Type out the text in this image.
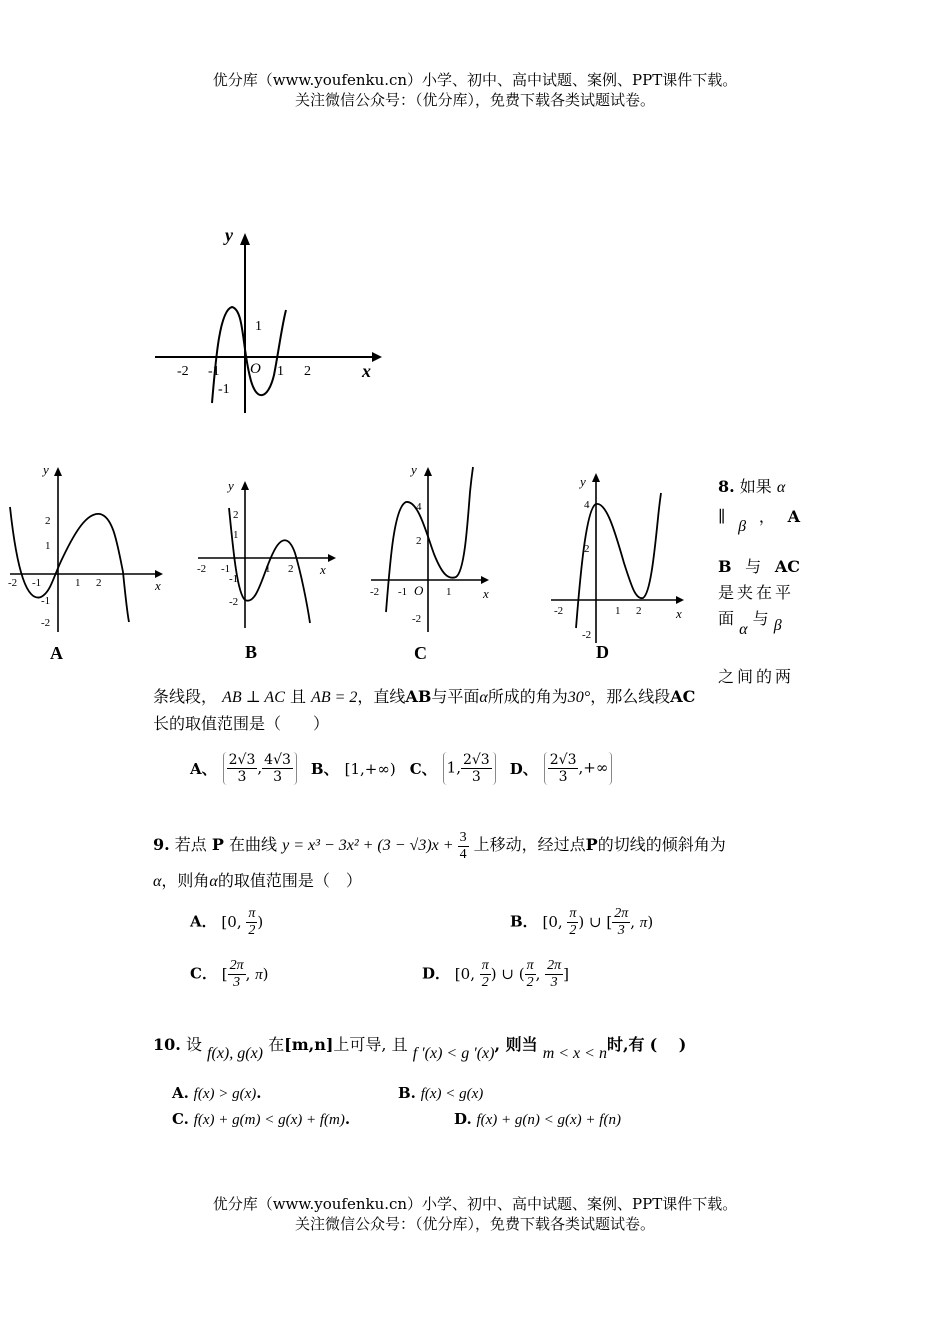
优分库（www.youfenku.cn）小学、初中、高中试题、案例、PPT课件下载。
关注微信公众号：（优分库），免费下载各类试题试卷。
y
x
O
-2 -1	1 2
1
-1
y
x
-2 -1	1 2
2
1
-1
-2
A
y
x
-2 -1	1 2
2
1
-1
-2
B
y
x
-2 -1 O 1
4
2
-2
C
y
x
-2	1 2
4
2
-2
D
8. 如果 α
∥
β
， A
B 与 AC
是夹在平
面 α 与 β
之间的两
条线段， AB ⊥ AC 且 AB = 2，直线AB与平面α所成的角为30°，那么线段AC
长的取值范围是（　　）
A、 $\frac{2√3}{3}$ , $\frac{4√3}{3}$ B、 [1,+∞) C、 1, $\frac{2√3}{3}$ D、 $\frac{2√3}{3}$ ,+∞
9. 若点 P 在曲线 $y = x^3 - 3x^2 + (3 - √3)x + \frac{3}{4}$ 上移动，经过点P的切线的倾斜角为
α，则角α的取值范围是（　）
A． [0, $\frac{\pi}{2}$ )	B． [0, $\frac{\pi}{2}$ ) ∪ [ $\frac{2\pi}{3}$ , π)
C． [ $\frac{2\pi}{3}$ , π)	D． [0, $\frac{\pi}{2}$ ) ∪ ( $\frac{\pi}{2}$ , $\frac{2\pi}{3}$ ]
10. 设 f(x), g(x) 在[m,n]上可导, 且 f ′(x) < g ′(x), 则当 m < x < n时,有 (　 )
A. f(x) > g(x).	B. f(x) < g(x)
C. f(x) + g(m) < g(x) + f(m).	D. f(x) + g(n) < g(x) + f(n)
优分库（www.youfenku.cn）小学、初中、高中试题、案例、PPT课件下载。
关注微信公众号：（优分库），免费下载各类试题试卷。
